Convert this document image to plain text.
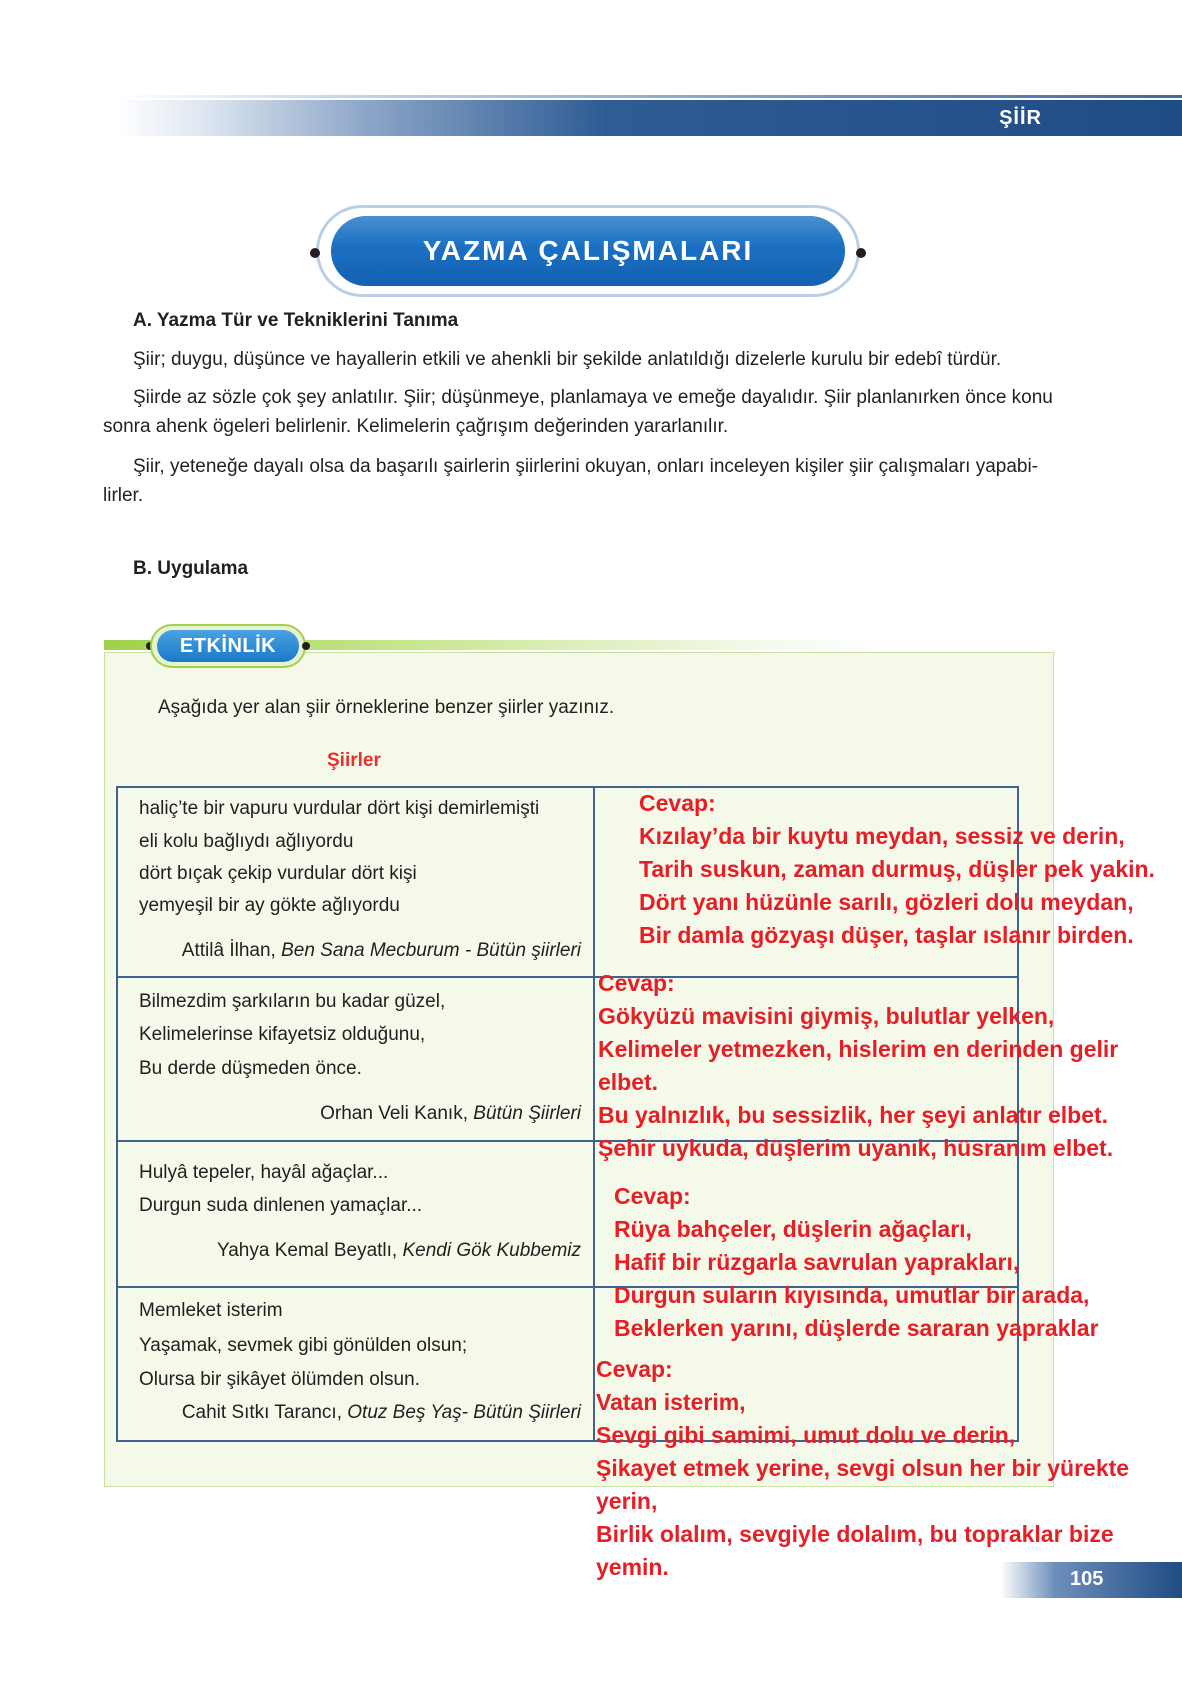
ŞİİR
YAZMA ÇALIŞMALARI
A. Yazma Tür ve Tekniklerini Tanıma
Şiir; duygu, düşünce ve hayallerin etkili ve ahenkli bir şekilde anlatıldığı dizelerle kurulu bir edebî türdür.
Şiirde az sözle çok şey anlatılır. Şiir; düşünmeye, planlamaya ve emeğe dayalıdır. Şiir planlanırken önce konu
sonra ahenk ögeleri belirlenir. Kelimelerin çağrışım değerinden yararlanılır.
Şiir, yeteneğe dayalı olsa da başarılı şairlerin şiirlerini okuyan, onları inceleyen kişiler şiir çalışmaları yapabi-
lirler.
B. Uygulama
ETKİNLİK
Aşağıda yer alan şiir örneklerine benzer şiirler yazınız.
Şiirler
haliç’te bir vapuru vurdular dört kişi demirlemişti
eli kolu bağlıydı ağlıyordu
dört bıçak çekip vurdular dört kişi
yemyeşil bir ay gökte ağlıyordu
Attilâ İlhan, Ben Sana Mecburum - Bütün şiirleri
Bilmezdim şarkıların bu kadar güzel,
Kelimelerinse kifayetsiz olduğunu,
Bu derde düşmeden önce.
Orhan Veli Kanık, Bütün Şiirleri
Hulyâ tepeler, hayâl ağaçlar...
Durgun suda dinlenen yamaçlar...
Yahya Kemal Beyatlı, Kendi Gök Kubbemiz
Memleket isterim
Yaşamak, sevmek gibi gönülden olsun;
Olursa bir şikâyet ölümden olsun.
Cahit Sıtkı Tarancı, Otuz Beş Yaş- Bütün Şiirleri
Cevap:
Kızılay’da bir kuytu meydan, sessiz ve derin,
Tarih suskun, zaman durmuş, düşler pek yakin.
Dört yanı hüzünle sarılı, gözleri dolu meydan,
Bir damla gözyaşı düşer, taşlar ıslanır birden.
Cevap:
Gökyüzü mavisini giymiş, bulutlar yelken,
Kelimeler yetmezken, hislerim en derinden gelir
elbet.
Bu yalnızlık, bu sessizlik, her şeyi anlatır elbet.
Şehir uykuda, düşlerim uyanık, hüsranım elbet.
Cevap:
Rüya bahçeler, düşlerin ağaçları,
Hafif bir rüzgarla savrulan yaprakları,
Durgun suların kıyısında, umutlar bir arada,
Beklerken yarını, düşlerde sararan yapraklar
Cevap:
Vatan isterim,
Sevgi gibi samimi, umut dolu ve derin,
Şikayet etmek yerine, sevgi olsun her bir yürekte
yerin,
Birlik olalım, sevgiyle dolalım, bu topraklar bize
yemin.	105
